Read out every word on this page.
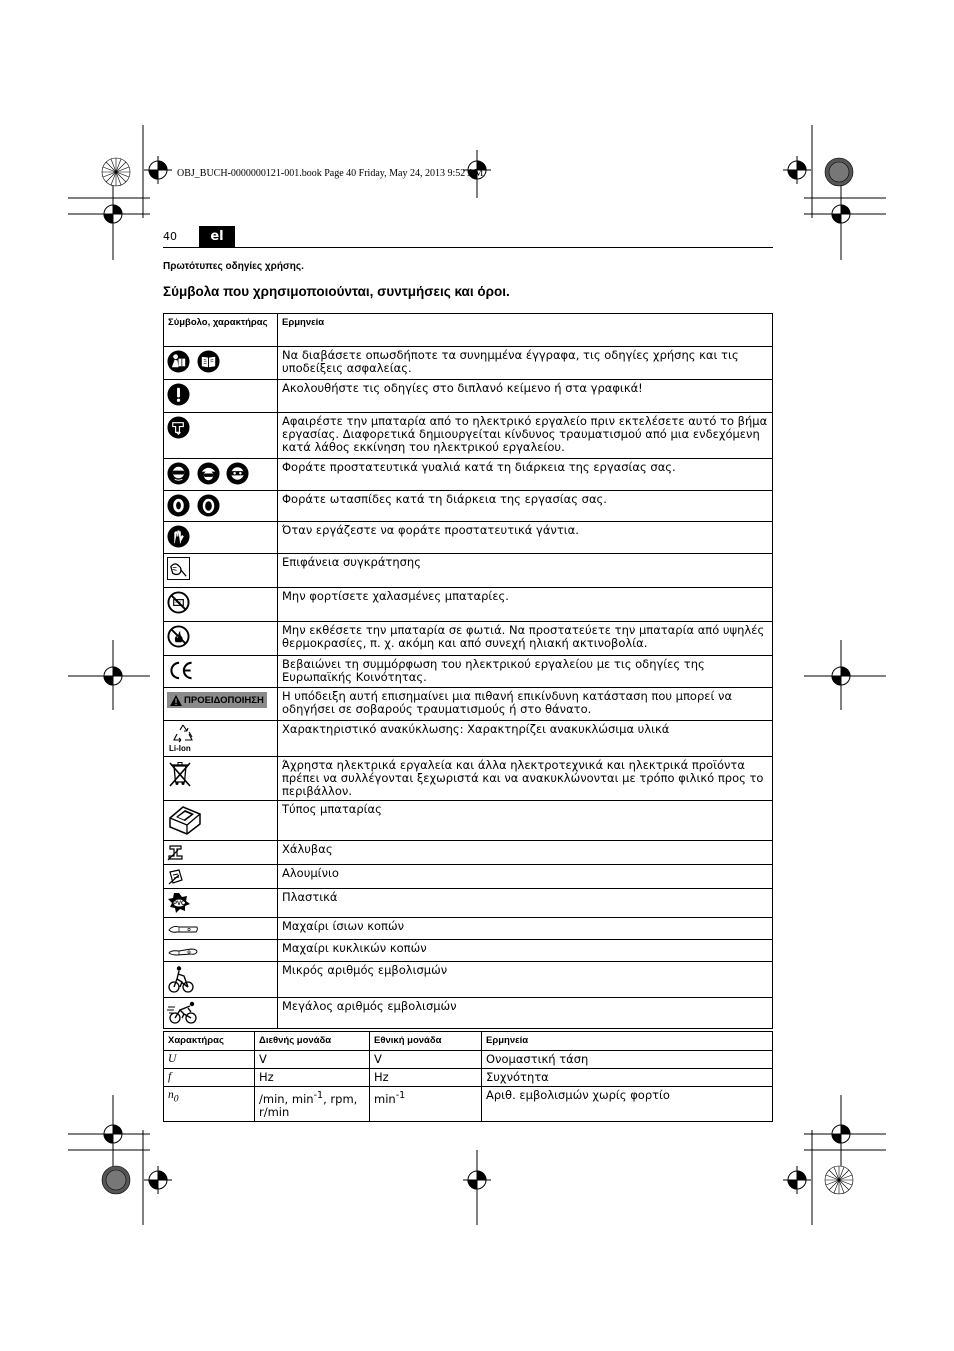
OBJ_BUCH-0000000121-001.book Page 40 Friday, May 24, 2013 9:52 AM
40	el
Πρωτότυπες οδηγίες χρήσης.
Σύμβολα που χρησιμοποιούνται, συντμήσεις και όροι.
Σύμβολο, χαρακτήρας	Ερμηνεία
	Να διαβάσετε οπωσδήποτε τα συνημμένα έγγραφα, τις οδηγίες χρήσης και τις υποδείξεις ασφαλείας.
	Ακολουθήστε τις οδηγίες στο διπλανό κείμενο ή στα γραφικά!
	Αφαιρέστε την μπαταρία από το ηλεκτρικό εργαλείο πριν εκτελέσετε αυτό το βήμα εργασίας. Διαφορετικά δημιουργείται κίνδυνος τραυματισμού από μια ενδεχόμενη κατά λάθος εκκίνηση του ηλεκτρικού εργαλείου.
	Φοράτε προστατευτικά γυαλιά κατά τη διάρκεια της εργασίας σας.
	Φοράτε ωτασπίδες κατά τη διάρκεια της εργασίας σας.
	Όταν εργάζεστε να φοράτε προστατευτικά γάντια.
	Επιφάνεια συγκράτησης
	Μην φορτίσετε χαλασμένες μπαταρίες.
	Μην εκθέσετε την μπαταρία σε φωτιά. Να προστατεύετε την μπαταρία από υψηλές θερμοκρασίες, π. χ. ακόμη και από συνεχή ηλιακή ακτινοβολία.
	Βεβαιώνει τη συμμόρφωση του ηλεκτρικού εργαλείου με τις οδηγίες της Ευρωπαϊκής Κοινότητας.

ΠΡΟΕΙΔΟΠΟΙΗΣΗ	Η υπόδειξη αυτή επισημαίνει μια πιθανή επικίνδυνη κατάσταση που μπορεί να οδηγήσει σε σοβαρούς τραυματισμούς ή στο θάνατο.

Li-Ion	Χαρακτηριστικό ανακύκλωσης: Χαρακτηρίζει ανακυκλώσιμα υλικά
	Άχρηστα ηλεκτρικά εργαλεία και άλλα ηλεκτροτεχνικά και ηλεκτρικά προϊόντα πρέπει να συλλέγονται ξεχωριστά και να ανακυκλώνονται με τρόπο φιλικό προς το περιβάλλον.
	Τύπος μπαταρίας
	Χάλυβας
	Αλουμίνιο

PVC	Πλαστικά
	Μαχαίρι ίσιων κοπών
	Μαχαίρι κυκλικών κοπών
	Μικρός αριθμός εμβολισμών
	Μεγάλος αριθμός εμβολισμών
Χαρακτήρας	Διεθνής μονάδα	Εθνική μονάδα	Ερμηνεία
U	V	V	Ονομαστική τάση
f	Hz	Hz	Συχνότητα
$n_0$	/min, $\min^{-1}$, rpm, r/min	$\min^{-1}$	Αριθ. εμβολισμών χωρίς φορτίο
